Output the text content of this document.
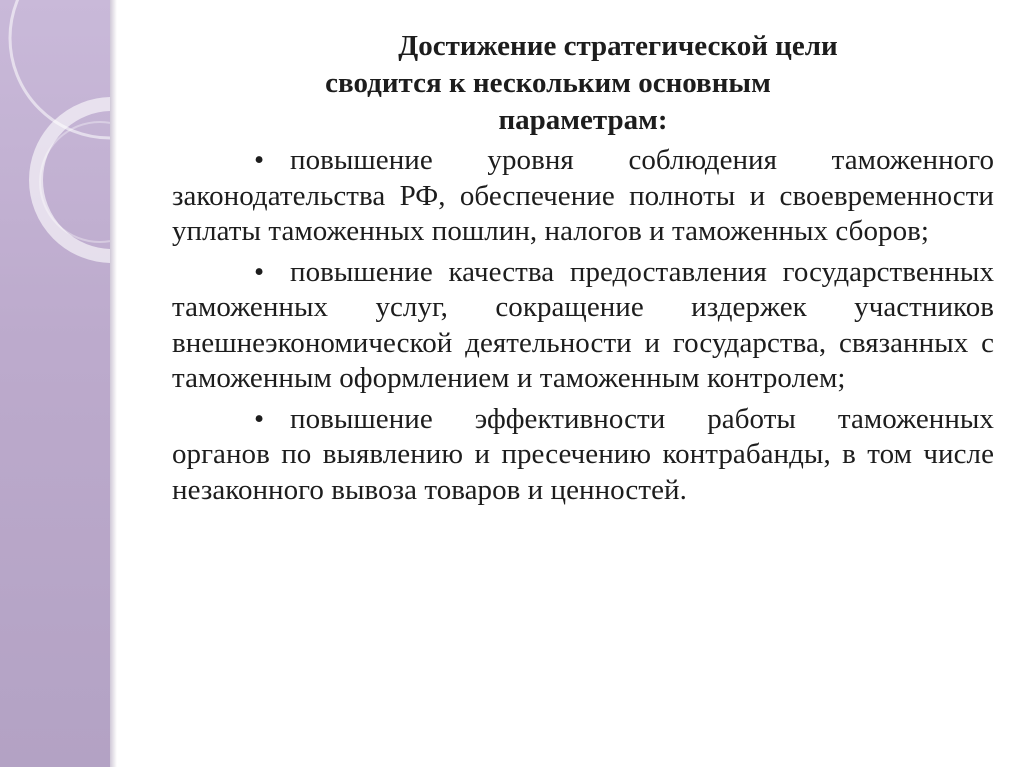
Достижение стратегической цели
сводится к нескольким основным
параметрам:

• повышение уровня соблюдения таможенного законодательства РФ, обеспечение полноты и своевременности уплаты таможенных пошлин, налогов и таможенных сборов;

• повышение качества предоставления государственных таможенных услуг, сокращение издержек участников внешнеэкономической деятельности и государства, связанных с таможенным оформлением и таможенным контролем;

• повышение эффективности работы таможенных органов по выявлению и пресечению контрабанды, в том числе незаконного вывоза товаров и ценностей.
